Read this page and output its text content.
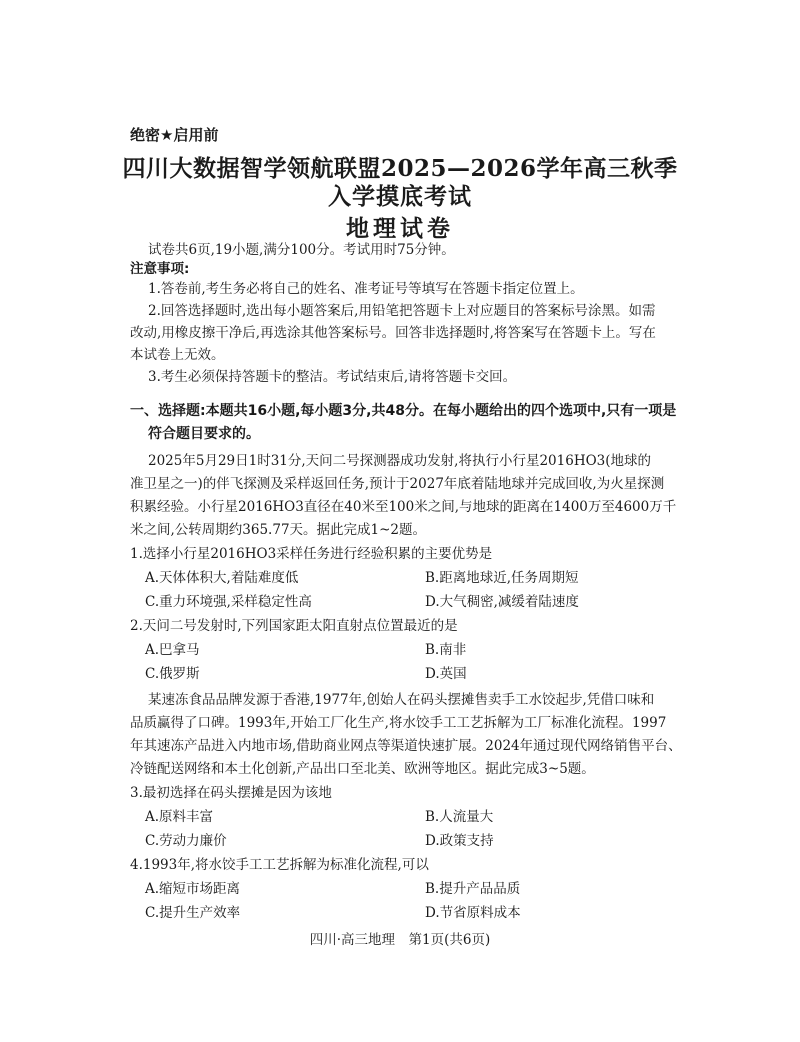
绝密★启用前
四川大数据智学领航联盟2025—2026学年高三秋季
入学摸底考试
地理试卷
试卷共6页,19小题,满分100分。考试用时75分钟。
注意事项:
1.答卷前,考生务必将自己的姓名、准考证号等填写在答题卡指定位置上。
2.回答选择题时,选出每小题答案后,用铅笔把答题卡上对应题目的答案标号涂黑。如需
改动,用橡皮擦干净后,再选涂其他答案标号。回答非选择题时,将答案写在答题卡上。写在
本试卷上无效。
3.考生必须保持答题卡的整洁。考试结束后,请将答题卡交回。
一、选择题:本题共16小题,每小题3分,共48分。在每小题给出的四个选项中,只有一项是
符合题目要求的。
2025年5月29日1时31分,天问二号探测器成功发射,将执行小行星2016HO3(地球的
准卫星之一)的伴飞探测及采样返回任务,预计于2027年底着陆地球并完成回收,为火星探测
积累经验。小行星2016HO3直径在40米至100米之间,与地球的距离在1400万至4600万千
米之间,公转周期约365.77天。据此完成1~2题。
1.选择小行星2016HO3采样任务进行经验积累的主要优势是
A.天体体积大,着陆难度低	B.距离地球近,任务周期短
C.重力环境强,采样稳定性高	D.大气稠密,减缓着陆速度
2.天问二号发射时,下列国家距太阳直射点位置最近的是
A.巴拿马	B.南非
C.俄罗斯	D.英国
某速冻食品品牌发源于香港,1977年,创始人在码头摆摊售卖手工水饺起步,凭借口味和
品质赢得了口碑。1993年,开始工厂化生产,将水饺手工工艺拆解为工厂标准化流程。1997
年其速冻产品进入内地市场,借助商业网点等渠道快速扩展。2024年通过现代网络销售平台、
冷链配送网络和本土化创新,产品出口至北美、欧洲等地区。据此完成3~5题。
3.最初选择在码头摆摊是因为该地
A.原料丰富	B.人流量大
C.劳动力廉价	D.政策支持
4.1993年,将水饺手工工艺拆解为标准化流程,可以
A.缩短市场距离	B.提升产品品质
C.提升生产效率	D.节省原料成本
四川·高三地理　第1页(共6页)
